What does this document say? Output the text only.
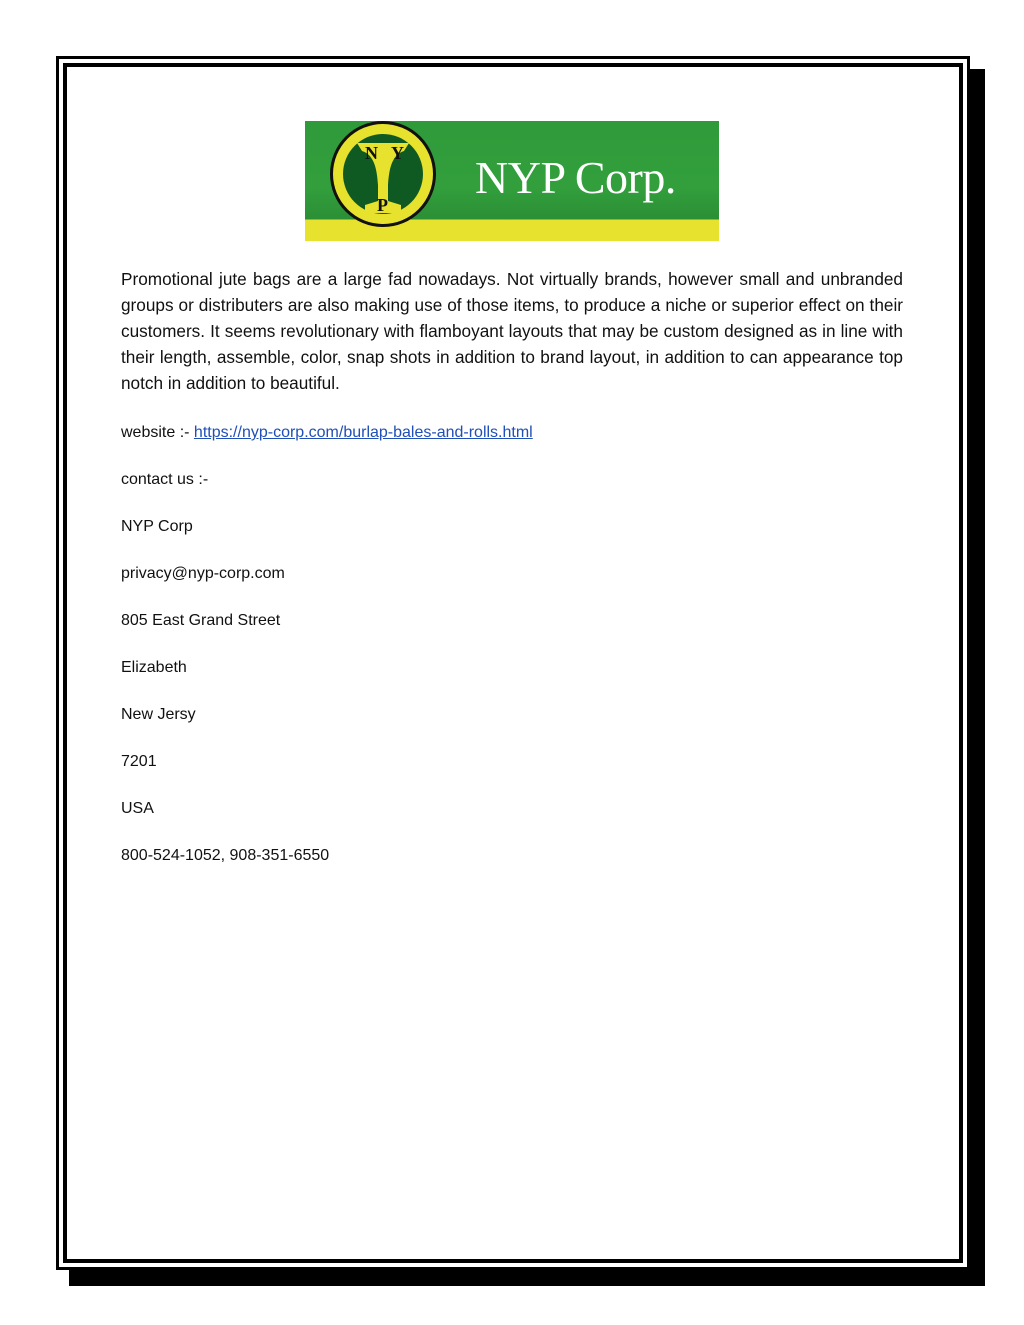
N Y
P
NYP Corp.

Promotional jute bags are a large fad nowadays. Not virtually brands, however small and unbranded groups or distributers are also making use of those items, to produce a niche or superior effect on their customers. It seems revolutionary with flamboyant layouts that may be custom designed as in line with their length, assemble, color, snap shots in addition to brand layout, in addition to can appearance top notch in addition to beautiful.

website :- https://nyp-corp.com/burlap-bales-and-rolls.html

contact us :-

NYP Corp

privacy@nyp-corp.com

805 East Grand Street

Elizabeth

New Jersy

7201

USA

800-524-1052, 908-351-6550
